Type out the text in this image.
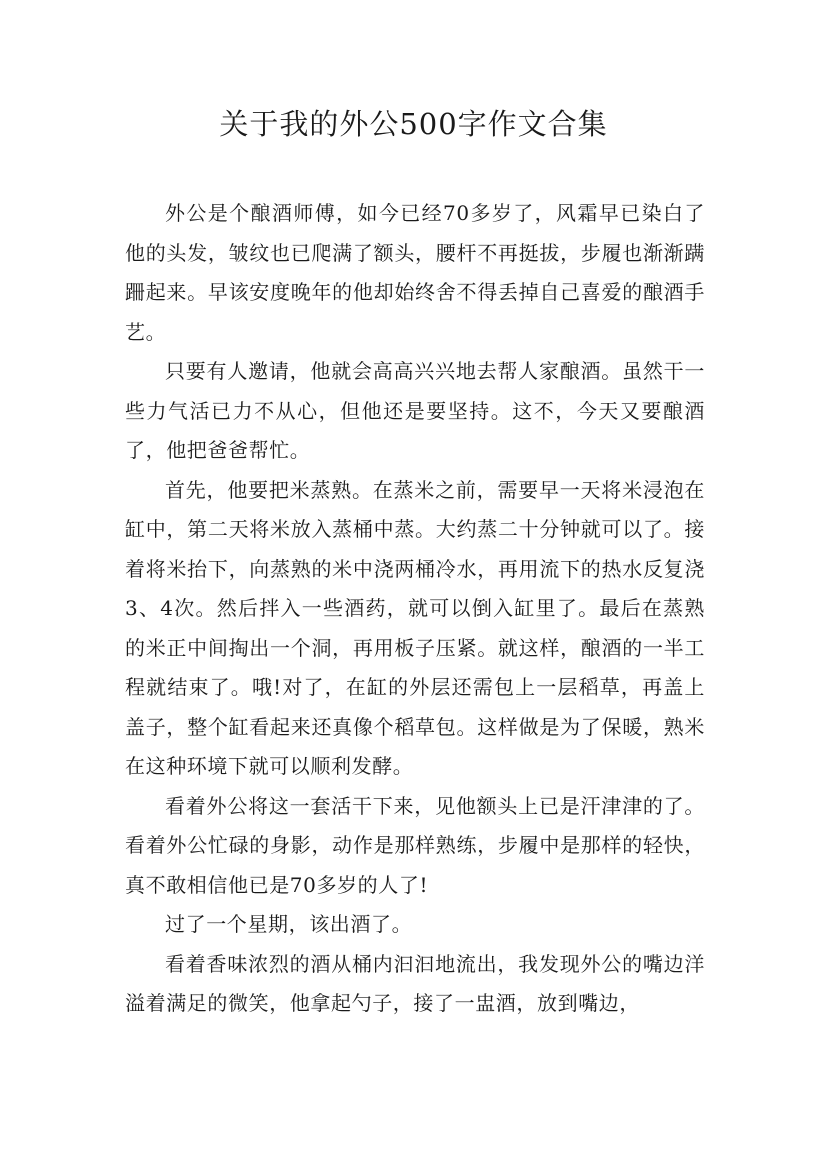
关于我的外公500字作文合集

外公是个酿酒师傅，如今已经70多岁了，风霜早已染白了他的头发，皱纹也已爬满了额头，腰杆不再挺拔，步履也渐渐蹒跚起来。早该安度晚年的他却始终舍不得丢掉自己喜爱的酿酒手艺。

只要有人邀请，他就会高高兴兴地去帮人家酿酒。虽然干一些力气活已力不从心，但他还是要坚持。这不，今天又要酿酒了，他把爸爸帮忙。

首先，他要把米蒸熟。在蒸米之前，需要早一天将米浸泡在缸中，第二天将米放入蒸桶中蒸。大约蒸二十分钟就可以了。接着将米抬下，向蒸熟的米中浇两桶冷水，再用流下的热水反复浇3、4次。然后拌入一些酒药，就可以倒入缸里了。最后在蒸熟的米正中间掏出一个洞，再用板子压紧。就这样，酿酒的一半工程就结束了。哦!对了，在缸的外层还需包上一层稻草，再盖上盖子，整个缸看起来还真像个稻草包。这样做是为了保暖，熟米在这种环境下就可以顺利发酵。

看着外公将这一套活干下来，见他额头上已是汗津津的了。看着外公忙碌的身影，动作是那样熟练，步履中是那样的轻快，真不敢相信他已是70多岁的人了!

过了一个星期，该出酒了。

看着香味浓烈的酒从桶内汩汩地流出，我发现外公的嘴边洋溢着满足的微笑，他拿起勺子，接了一盅酒，放到嘴边，
